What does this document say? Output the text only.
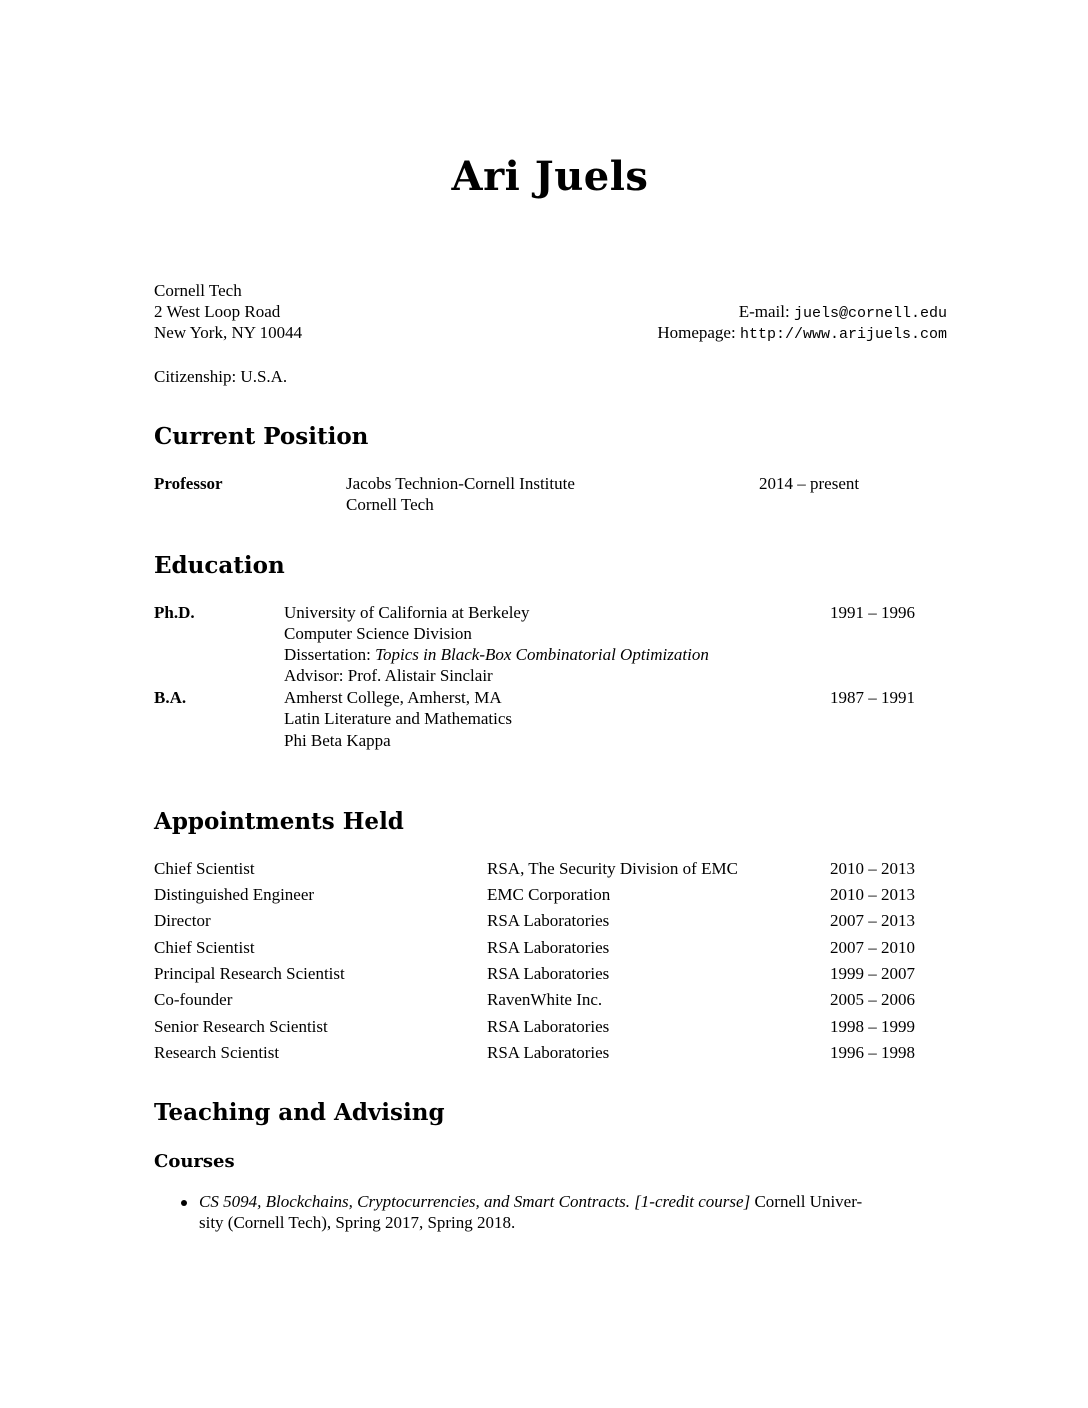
Ari Juels
Cornell Tech
2 West Loop Road
New York, NY 10044
Citizenship: U.S.A.
E-mail: juels@cornell.edu
Homepage: http://www.arijuels.com
Current Position
Professor	Jacobs Technion-Cornell Institute
Cornell Tech
2014 – present
Education
Ph.D.	University of California at Berkeley
Computer Science Division
Dissertation: Topics in Black-Box Combinatorial Optimization
Advisor: Prof. Alistair Sinclair
1991 – 1996
B.A.	Amherst College, Amherst, MA
Latin Literature and Mathematics
Phi Beta Kappa
1987 – 1991
Appointments Held
Chief Scientist	RSA, The Security Division of EMC	2010 – 2013
Distinguished Engineer	EMC Corporation	2010 – 2013
Director	RSA Laboratories	2007 – 2013
Chief Scientist	RSA Laboratories	2007 – 2010
Principal Research Scientist	RSA Laboratories	1999 – 2007
Co-founder	RavenWhite Inc.	2005 – 2006
Senior Research Scientist	RSA Laboratories	1998 – 1999
Research Scientist	RSA Laboratories	1996 – 1998
Teaching and Advising
Courses
CS 5094, Blockchains, Cryptocurrencies, and Smart Contracts. [1-credit course] Cornell Univer-
sity (Cornell Tech), Spring 2017, Spring 2018.
